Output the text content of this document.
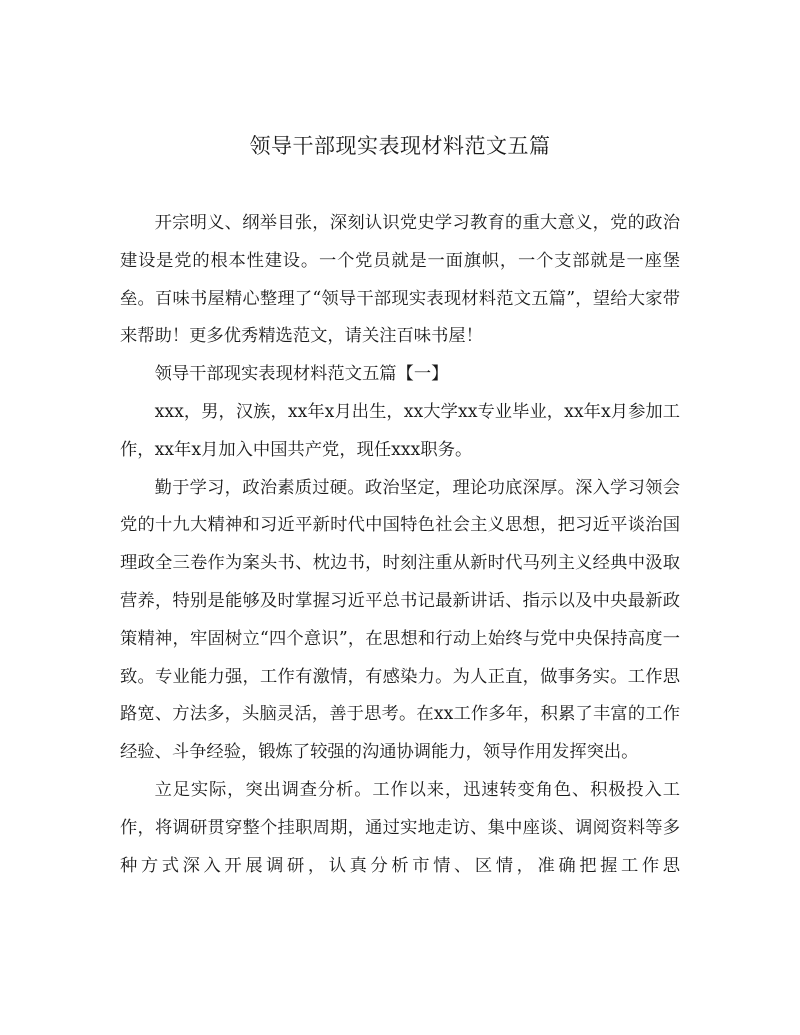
领导干部现实表现材料范文五篇

开宗明义、纲举目张，深刻认识党史学习教育的重大意义，党的政治建设是党的根本性建设。一个党员就是一面旗帜，一个支部就是一座堡垒。百味书屋精心整理了“领导干部现实表现材料范文五篇”，望给大家带来帮助！更多优秀精选范文，请关注百味书屋！

领导干部现实表现材料范文五篇【一】

xxx，男，汉族，xx年x月出生，xx大学xx专业毕业，xx年x月参加工作，xx年x月加入中国共产党，现任xxx职务。

勤于学习，政治素质过硬。政治坚定，理论功底深厚。深入学习领会党的十九大精神和习近平新时代中国特色社会主义思想，把习近平谈治国理政全三卷作为案头书、枕边书，时刻注重从新时代马列主义经典中汲取营养，特别是能够及时掌握习近平总书记最新讲话、指示以及中央最新政策精神，牢固树立“四个意识”，在思想和行动上始终与党中央保持高度一致。专业能力强，工作有激情，有感染力。为人正直，做事务实。工作思路宽、方法多，头脑灵活，善于思考。在xx工作多年，积累了丰富的工作经验、斗争经验，锻炼了较强的沟通协调能力，领导作用发挥突出。

立足实际，突出调查分析。工作以来，迅速转变角色、积极投入工作，将调研贯穿整个挂职周期，通过实地走访、集中座谈、调阅资料等多种方式深入开展调研，认真分析市情、区情，准确把握工作思
